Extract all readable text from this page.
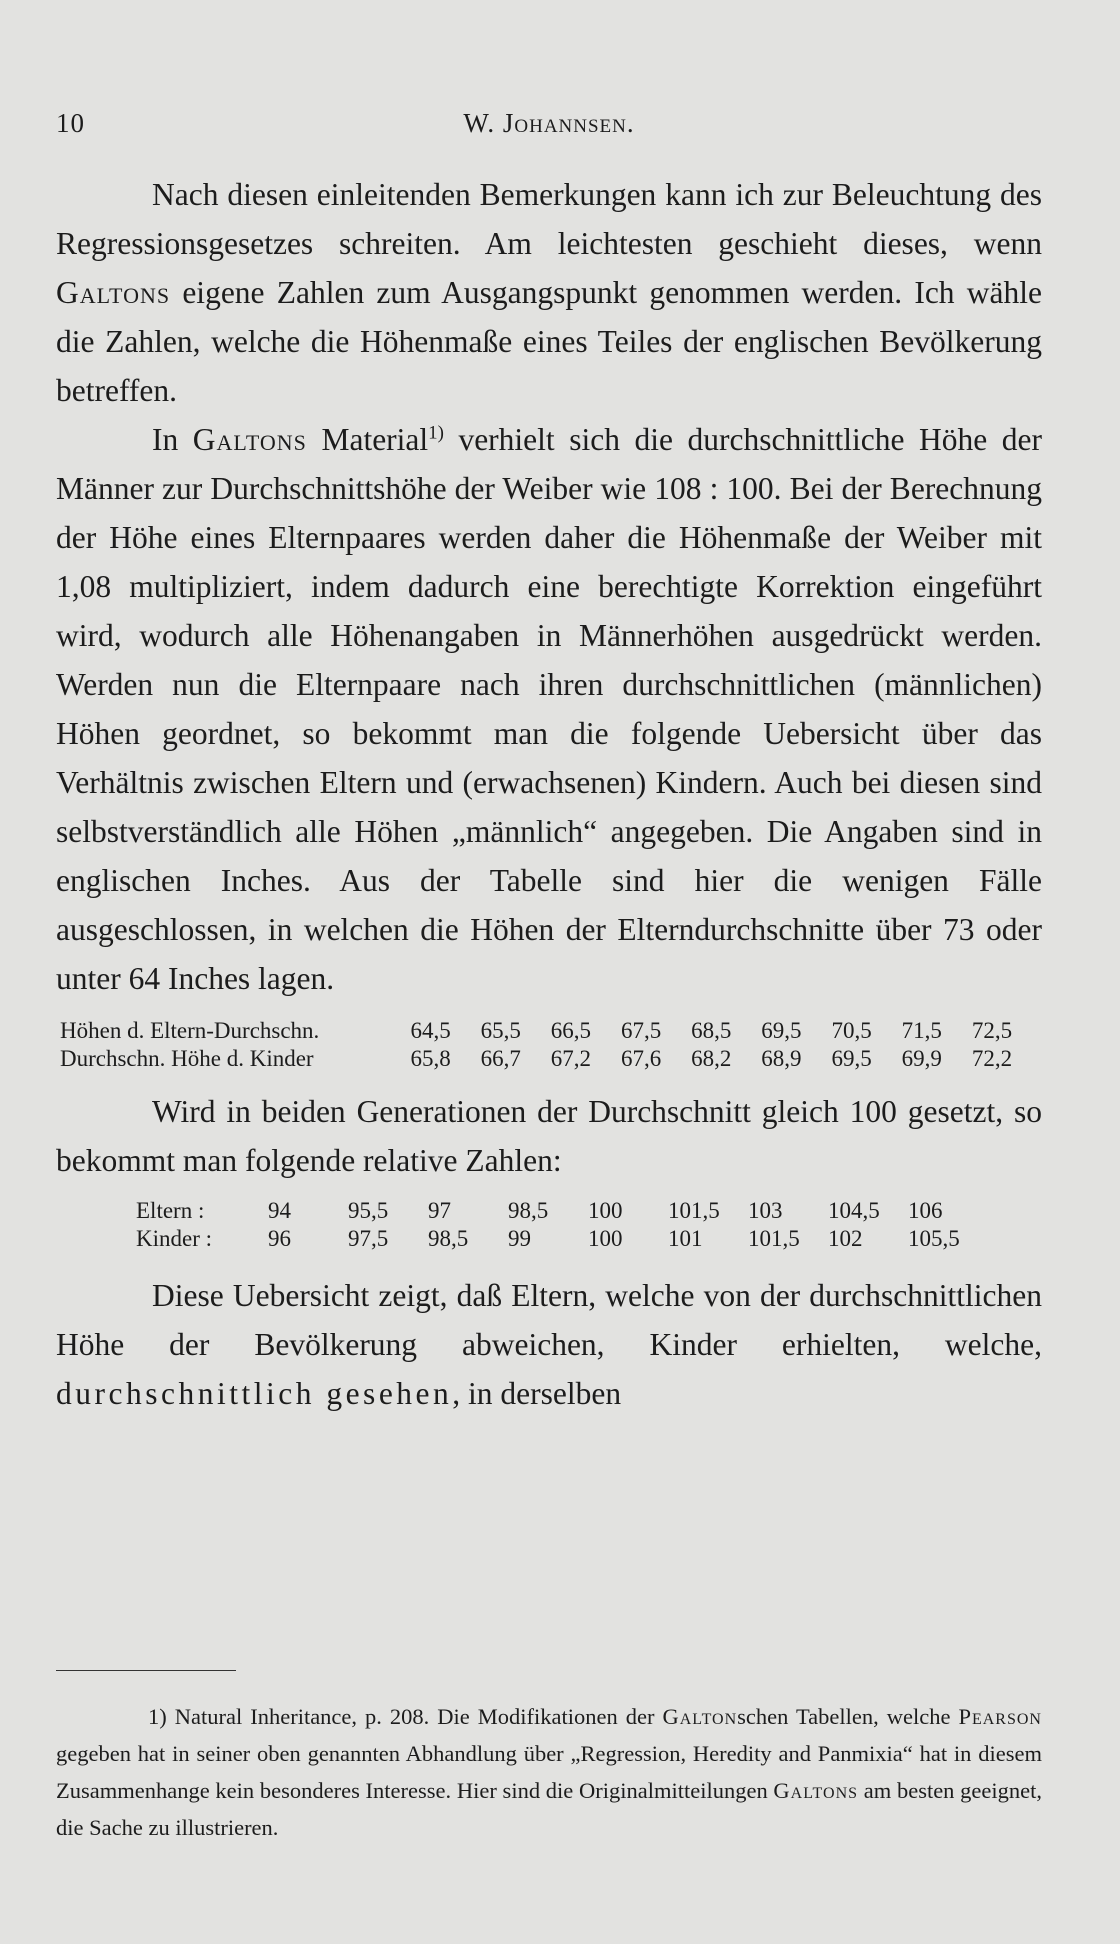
10	W. Johannsen.

Nach diesen einleitenden Bemerkungen kann ich zur Beleuchtung des Regressionsgesetzes schreiten. Am leichtesten geschieht dieses, wenn Galtons eigene Zahlen zum Ausgangspunkt genommen werden. Ich wähle die Zahlen, welche die Höhenmaße eines Teiles der englischen Bevölkerung betreffen.

In Galtons Material$^{1)}$ verhielt sich die durchschnittliche Höhe der Männer zur Durchschnittshöhe der Weiber wie 108 : 100. Bei der Berechnung der Höhe eines Elternpaares werden daher die Höhenmaße der Weiber mit 1,08 multipliziert, indem dadurch eine berechtigte Korrektion eingeführt wird, wodurch alle Höhenangaben in Männerhöhen ausgedrückt werden. Werden nun die Elternpaare nach ihren durchschnittlichen (männlichen) Höhen geordnet, so bekommt man die folgende Uebersicht über das Verhältnis zwischen Eltern und (erwachsenen) Kindern. Auch bei diesen sind selbstverständlich alle Höhen „männlich“ angegeben. Die Angaben sind in englischen Inches. Aus der Tabelle sind hier die wenigen Fälle ausgeschlossen, in welchen die Höhen der Elterndurchschnitte über 73 oder unter 64 Inches lagen.

Höhen d. Eltern-Durchschn.	64,5	65,5	66,5	67,5	68,5	69,5	70,5	71,5	72,5
Durchschn. Höhe d. Kinder	65,8	66,7	67,2	67,6	68,2	68,9	69,5	69,9	72,2

Wird in beiden Generationen der Durchschnitt gleich 100 gesetzt, so bekommt man folgende relative Zahlen:

Eltern :	94	95,5	97	98,5	100	101,5	103	104,5	106
Kinder :	96	97,5	98,5	99	100	101	101,5	102	105,5

Diese Uebersicht zeigt, daß Eltern, welche von der durchschnittlichen Höhe der Bevölkerung abweichen, Kinder erhielten, welche, durchschnittlich gesehen, in derselben

1) Natural Inheritance, p. 208. Die Modifikationen der Galtonschen Tabellen, welche Pearson gegeben hat in seiner oben genannten Abhandlung über „Regression, Heredity and Panmixia“ hat in diesem Zusammenhange kein besonderes Interesse. Hier sind die Originalmitteilungen Galtons am besten geeignet, die Sache zu illustrieren.
